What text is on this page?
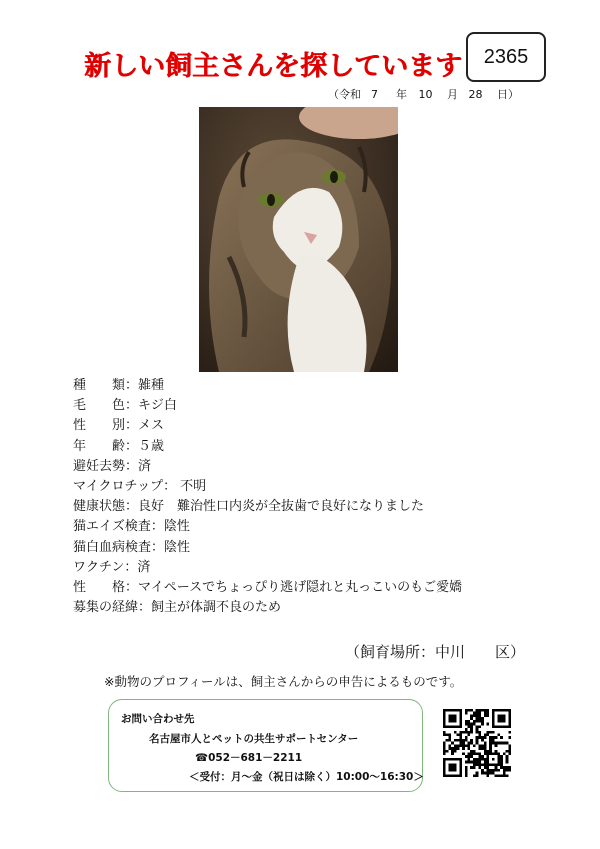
新しい飼主さんを探しています	2365
（令和 7 年 10 月 28 日）
種　　類：雑種
毛　　色：キジ白
性　　別：メス
年　　齢：５歳
避妊去勢：済
マイクロチップ： 不明
健康状態：良好　難治性口内炎が全抜歯で良好になりました
猫エイズ検査：陰性
猫白血病検査：陰性
ワクチン：済
性　　格：マイペースでちょっぴり逃げ隠れと丸っこいのもご愛嬌
募集の経緯：飼主が体調不良のため
（飼育場所：中川　　区）
※動物のプロフィールは、飼主さんからの申告によるものです。
お問い合わせ先
名古屋市人とペットの共生サポートセンター
☎052－681－2211
＜受付：月～金（祝日は除く）10:00～16:30＞
